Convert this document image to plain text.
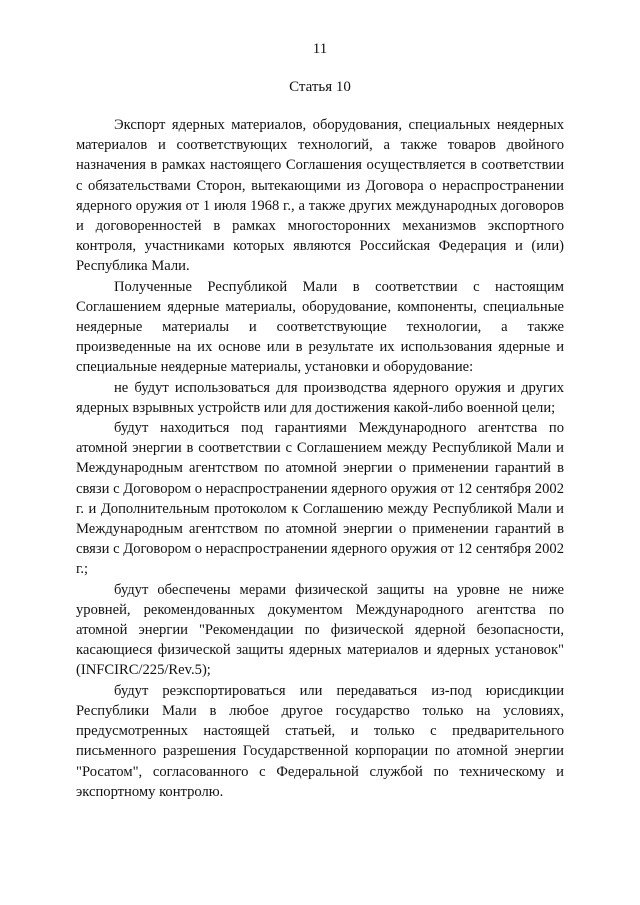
11
Статья 10

Экспорт ядерных материалов, оборудования, специальных неядерных материалов и соответствующих технологий, а также товаров двойного назначения в рамках настоящего Соглашения осуществляется в соответствии с обязательствами Сторон, вытекающими из Договора о нераспространении ядерного оружия от 1 июля 1968 г., а также других международных договоров и договоренностей в рамках многосторонних механизмов экспортного контроля, участниками которых являются Российская Федерация и (или) Республика Мали.

Полученные Республикой Мали в соответствии с настоящим Соглашением ядерные материалы, оборудование, компоненты, специальные неядерные материалы и соответствующие технологии, а также произведенные на их основе или в результате их использования ядерные и специальные неядерные материалы, установки и оборудование:

не будут использоваться для производства ядерного оружия и других ядерных взрывных устройств или для достижения какой-либо военной цели;

будут находиться под гарантиями Международного агентства по атомной энергии в соответствии с Соглашением между Республикой Мали и Международным агентством по атомной энергии о применении гарантий в связи с Договором о нераспространении ядерного оружия от 12 сентября 2002 г. и Дополнительным протоколом к Соглашению между Республикой Мали и Международным агентством по атомной энергии о применении гарантий в связи с Договором о нераспространении ядерного оружия от 12 сентября 2002 г.;

будут обеспечены мерами физической защиты на уровне не ниже уровней, рекомендованных документом Международного агентства по атомной энергии "Рекомендации по физической ядерной безопасности, касающиеся физической защиты ядерных материалов и ядерных установок" (INFCIRC/225/Rev.5);

будут реэкспортироваться или передаваться из-под юрисдикции Республики Мали в любое другое государство только на условиях, предусмотренных настоящей статьей, и только с предварительного письменного разрешения Государственной корпорации по атомной энергии "Росатом", согласованного с Федеральной службой по техническому и экспортному контролю.
